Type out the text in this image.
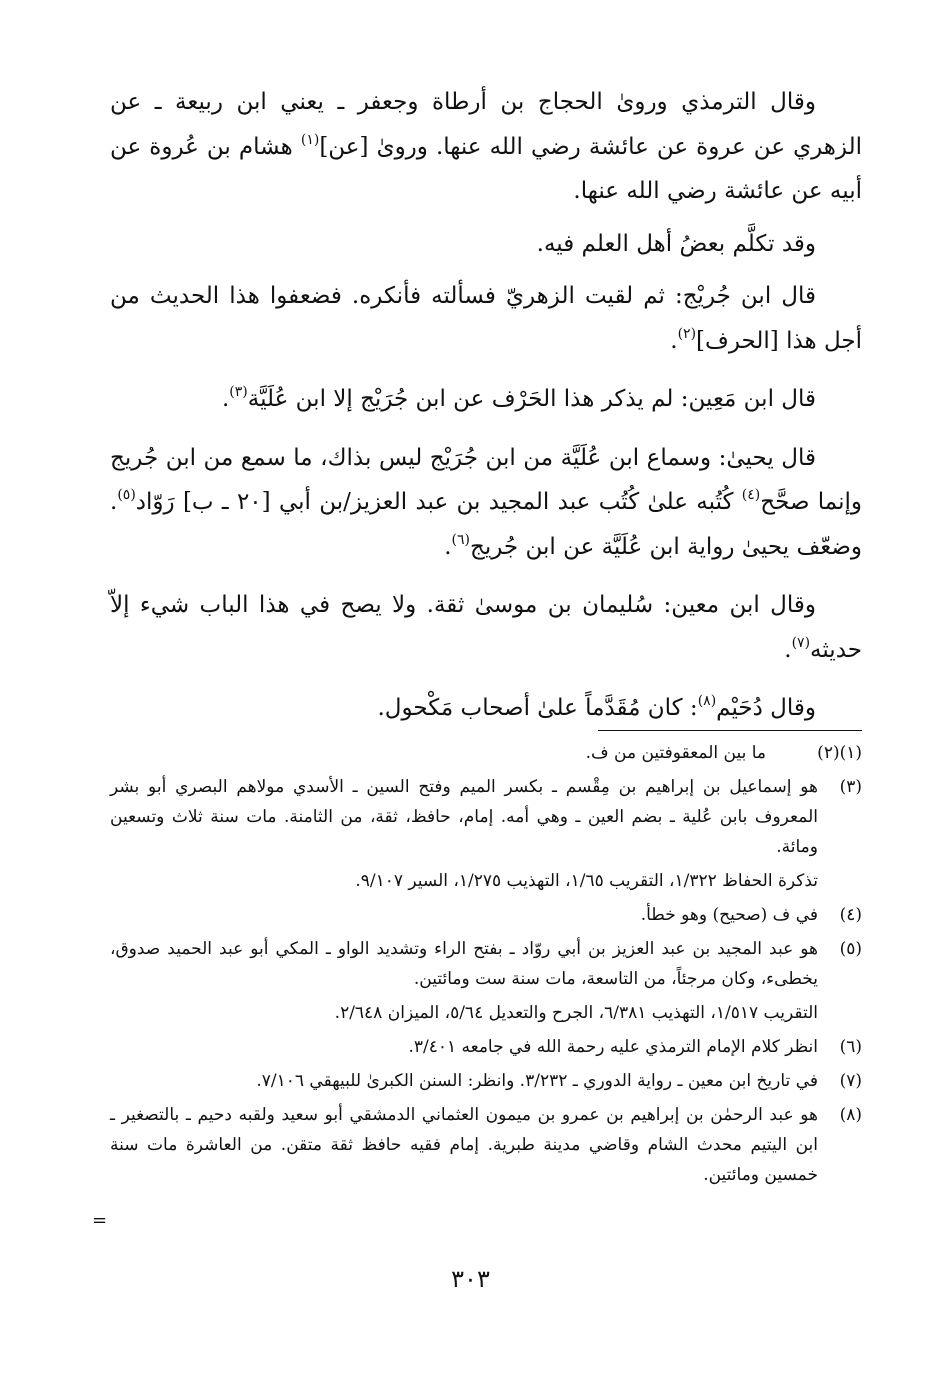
وقال الترمذي ورویٰ الحجاج بن أرطاة وجعفر ـ يعني ابن ربيعة ـ عن الزهري عن عروة عن عائشة رضي الله عنها. وروىٰ [عن]$^{(١)}$ هشام بن عُروة عن أبيه عن عائشة رضي الله عنها.

وقد تكلَّم بعضُ أهل العلم فيه.

قال ابن جُريْج: ثم لقيت الزهريّ فسألته فأنكره. فضعفوا هذا الحديث من أجل هذا [الحرف]$^{(٢)}$.

قال ابن مَعِين: لم يذكر هذا الحَرْف عن ابن جُرَيْج إلا ابن عُلَيَّة$^{(٣)}$.

قال يحيىٰ: وسماع ابن عُلَيَّة من ابن جُرَيْج ليس بذاك، ما سمع من ابن جُريج وإنما صحَّح$^{(٤)}$ كُتُبه علىٰ كُتُب عبد المجيد بن عبد العزيز/بن أبي [٢٠ ـ ب] رَوّاد$^{(٥)}$. وضعّف يحيىٰ رواية ابن عُلَيَّة عن ابن جُريج$^{(٦)}$.

وقال ابن معين: سُليمان بن موسىٰ ثقة. ولا يصح في هذا الباب شيء إلاّ حديثه$^{(٧)}$.

وقال دُحَيْم$^{(٨)}$: كان مُقَدَّماً علىٰ أصحاب مَكْحول.

(١)(٢)

ما بين المعقوفتين من ف.

(٣)

هو إسماعيل بن إبراهيم بن مِقْسم ـ بكسر الميم وفتح السين ـ الأسدي مولاهم البصري أبو بشر المعروف بابن عُلية ـ بضم العين ـ وهي أمه. إمام، حافظ، ثقة، من الثامنة. مات سنة ثلاث وتسعين ومائة.

تذكرة الحفاظ ١/٣٢٢، التقريب ١/٦٥، التهذيب ١/٢٧٥، السير ٩/١٠٧.

(٤)

في ف (صحيح) وهو خطأ.

(٥)

هو عبد المجيد بن عبد العزيز بن أبي روّاد ـ بفتح الراء وتشديد الواو ـ المكي أبو عبد الحميد صدوق، يخطىء، وكان مرجئاً، من التاسعة، مات سنة ست ومائتين.

التقريب ١/٥١٧، التهذيب ٦/٣٨١، الجرح والتعديل ٥/٦٤، الميزان ٢/٦٤٨.

(٦)

انظر كلام الإمام الترمذي عليه رحمة الله في جامعه ٣/٤٠١.

(٧)

في تاريخ ابن معين ـ رواية الدوري ـ ٣/٢٣٢. وانظر: السنن الكبرىٰ للبيهقي ٧/١٠٦.

(٨)

هو عبد الرحمٰن بن إبراهيم بن عمرو بن ميمون العثماني الدمشقي أبو سعيد ولقبه دحيم ـ بالتصغير ـ ابن اليتيم محدث الشام وقاضي مدينة طبرية. إمام فقيه حافظ ثقة متقن. من العاشرة مات سنة خمسين ومائتين.

=
٣٠٣
